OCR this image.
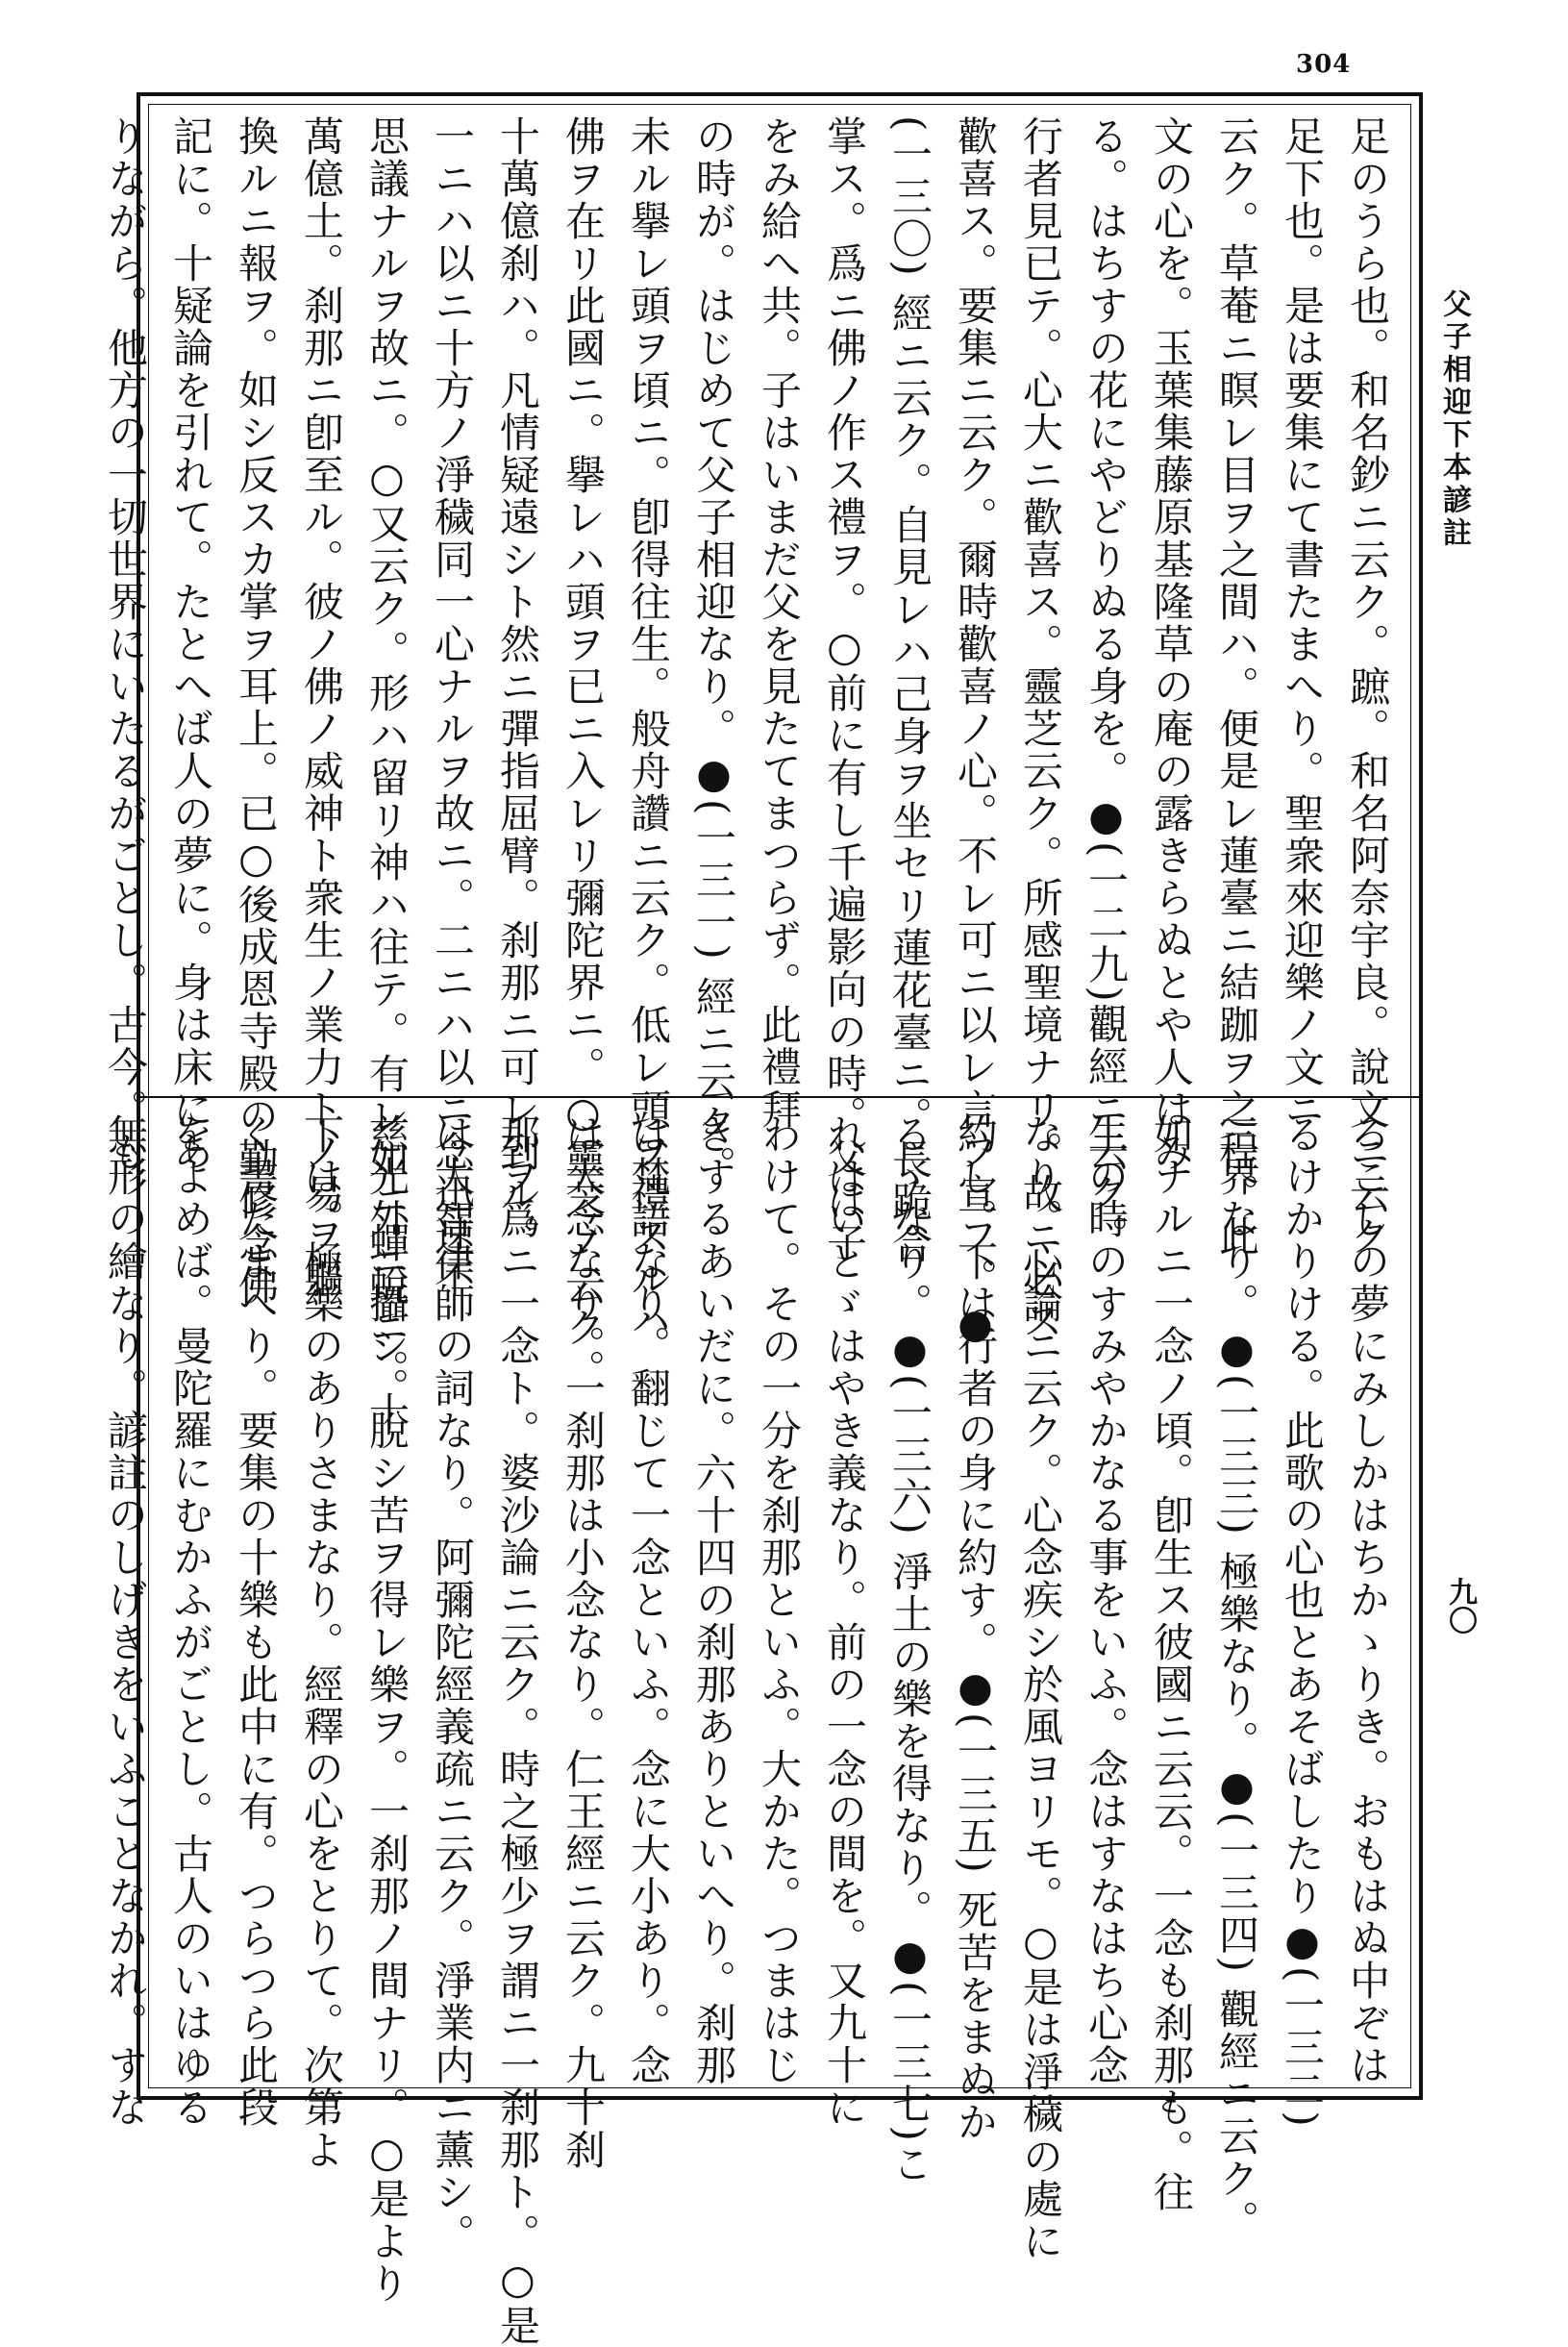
304
父子相迎下本諺註
九〇
足のうら也。和名鈔ニ云ク。蹠。和名阿奈宇良。說文ニ云ク
足下也。是は要集にて書たまへり。聖衆來迎樂ノ文ニ
云ク。草菴ニ瞑レ目ヲ之間ハ。便是レ蓮臺ニ結跏ヲ之程。此
文の心を。玉葉集藤原基隆草の庵の露きらぬとや人はみ
る。はちすの花にやどりぬる身を。●(一二九)觀經ニ云ク。
行者見已テ。心大ニ歡喜ス。靈芝云ク。所感聖境ナリ。故ニ必ス
歡喜ス。要集ニ云ク。爾時歡喜ノ心。不レ可ニ以レ言フ宣フ。●
(一三〇) 經ニ云ク。自見レハ己身ヲ坐セリ蓮花臺ニ。長跪合
掌ス。爲ニ佛ノ作ス禮ヲ。○前に有し千遍影向の時。父は子
をみ給へ共。子はいまだ父を見たてまつらず。此禮拜
の時が。はじめて父子相迎なり。●(一三一) 經ニ云ク。
未ル擧レ頭ヲ頃ニ。卽得往生。般舟讚ニ云ク。低レ頭ヲ禮スルハ
佛ヲ在リ此國ニ。擧レハ頭ヲ已ニ入レリ彌陀界ニ。○靈芝ノ云ク。
十萬億刹ハ。凡情疑遠シト然ニ彈指屈臂。刹那ニ可レ到ル。
一ニハ以ニ十方ノ淨穢同一心ナルヲ故ニ。二ニハ以ニ念迅速不
思議ナルヲ故ニ。○又云ク。形ハ留リ神ハ往テ。有レ如ニ蟬蛻ニ。十
萬億土。刹那ニ卽至ル。彼ノ佛ノ威神ト衆生ノ業力トノ易ヲ軀
換ルニ報ヲ。如シ反スカ掌ヲ耳上。已○後成恩寺殿の勤修念佛
記に。十疑論を引れて。たとへば人の夢に。身は床にあ
りながら。他方の一切世界にいたるがごとし。古今。も
ろこしの夢にみしかはちかゝりき。おもはぬ中ぞは
るけかりける。此歌の心也とあそばしたり●(一三二)
三界なり。●(一三三) 極樂なり。●(一三四) 觀經ニ云ク。
如ナルニ一念ノ頃。卽生ス彼國ニ云云。一念も刹那も。往
生の時のすみやかなる事をいふ。念はすなはち心念
なり。心論ニ云ク。心念疾シ於風ヨリモ。○是は淨穢の處に
約し。下は行者の身に約す。●(一三五) 死苦をまぬか
るゝなり。●(一三六) 淨土の樂を得なり。●(一三七)こ
れはいとゞはやき義なり。前の一念の間を。又九十に
わけて。その一分を刹那といふ。大かた。つまはじ
きするあいだに。六十四の刹那ありといへり。刹那
は梵語なり。翻じて一念といふ。念に大小あり。念
は大念なり。一刹那は小念なり。仁王經ニ云ク。九十刹
那ヲ爲ニ一念ト。婆沙論ニ云ク。時之極少ヲ謂ニ一刹那ト。○是
は大智律師の詞なり。阿彌陀經義疏ニ云ク。淨業内ニ薰シ。
慈光外ニ攝シ。脫シ苦ヲ得レ樂ヲ。一刹那ノ間ナリ。○是より
下は。極樂のありさまなり。經釋の心をとりて。次第よ
く書たまへり。要集の十樂も此中に有。つらつら此段
をよめば。曼陀羅にむかふがごとし。古人のいはゆる
無形の繪なり。諺註のしげきをいふことなかれ。すな
